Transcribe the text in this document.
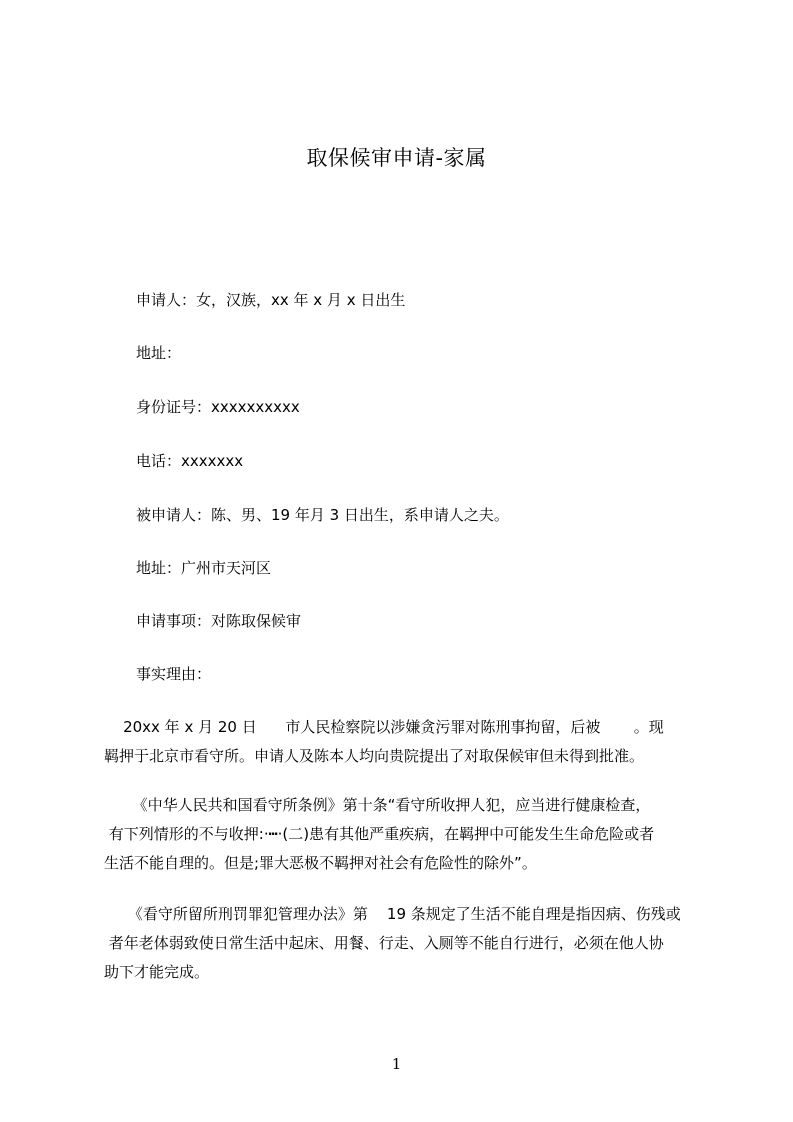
取保候审申请-家属
申请人：女，汉族，xx 年 x 月 x 日出生
地址：
身份证号：xxxxxxxxxx
电话：xxxxxxx
被申请人：陈、男、19 年月 3 日出生，系申请人之夫。
地址：广州市天河区
申请事项：对陈取保候审
事实理由：
20xx 年 x 月 20 日      市人民检察院以涉嫌贪污罪对陈刑事拘留，后被       。现
羁押于北京市看守所。申请人及陈本人均向贵院提出了对取保候审但未得到批准。
《中华人民共和国看守所条例》第十条“看守所收押人犯，应当进行健康检查，
有下列情形的不与收押:·┅·(二)患有其他严重疾病，在羁押中可能发生生命危险或者
生活不能自理的。但是;罪大恶极不羁押对社会有危险性的除外”。
《看守所留所刑罚罪犯管理办法》第    19 条规定了生活不能自理是指因病、伤残或
者年老体弱致使日常生活中起床、用餐、行走、入厕等不能自行进行，必须在他人协
助下才能完成。
1
